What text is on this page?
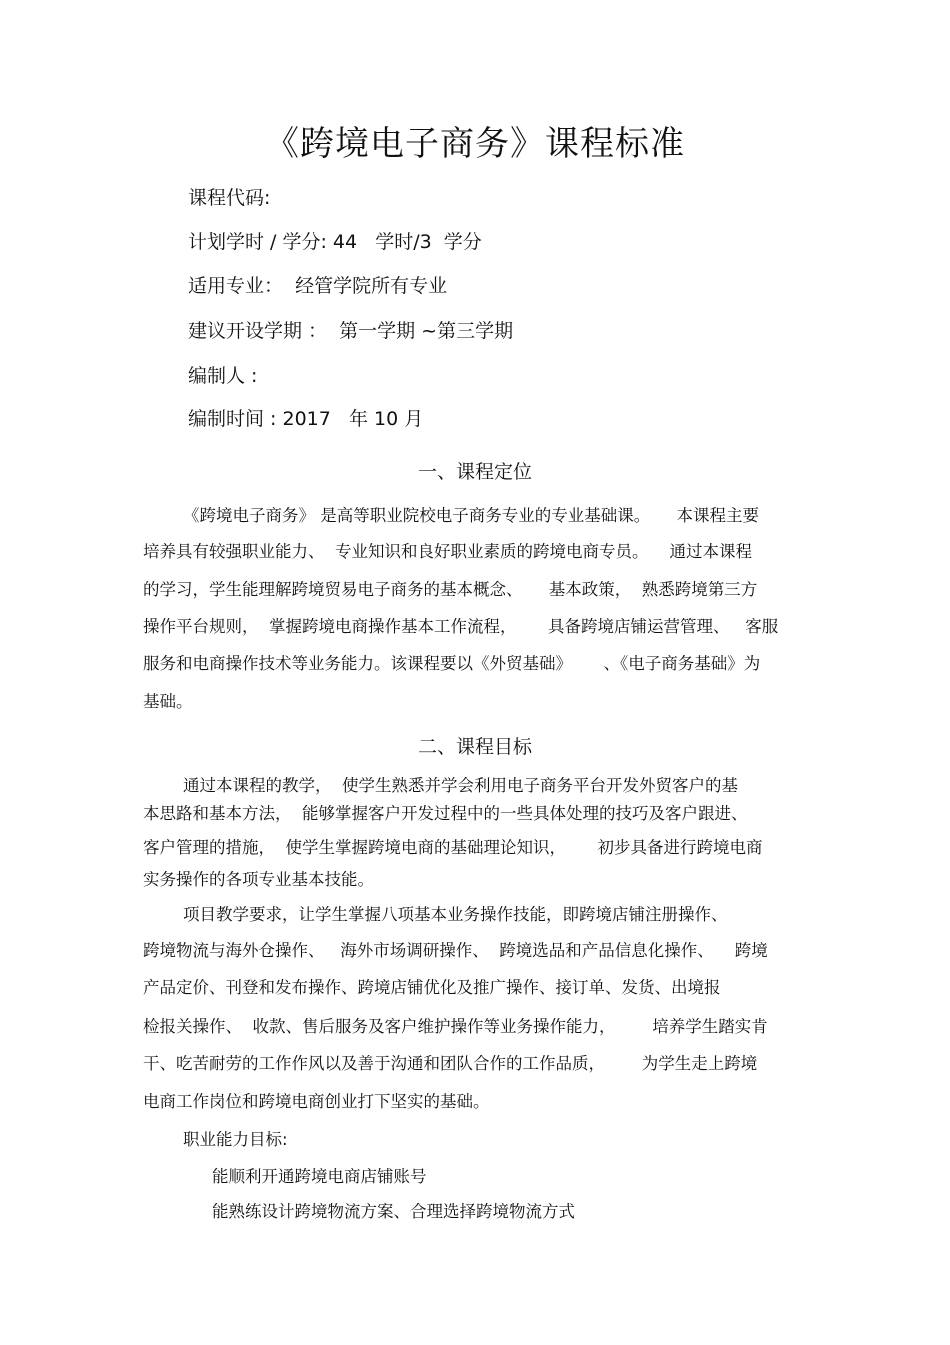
《跨境电子商务》课程标准
课程代码:
计划学时 / 学分: 44   学时/3  学分
适用专业：  经管学院所有专业
建议开设学期 ：  第一学期 ~第三学期
编制人 :
编制时间 : 2017   年 10 月
一、课程定位
《跨境电子商务》 是高等职业院校电子商务专业的专业基础课。     本课程主要
培养具有较强职业能力、  专业知识和良好职业素质的跨境电商专员。    通过本课程
的学习，学生能理解跨境贸易电子商务的基本概念、     基本政策，  熟悉跨境第三方
操作平台规则，  掌握跨境电商操作基本工作流程，      具备跨境店铺运营管理、   客服
服务和电商操作技术等业务能力。该课程要以《外贸基础》      、《电子商务基础》为
基础。
二、课程目标
通过本课程的教学，  使学生熟悉并学会利用电子商务平台开发外贸客户的基
本思路和基本方法，  能够掌握客户开发过程中的一些具体处理的技巧及客户跟进、
客户管理的措施，  使学生掌握跨境电商的基础理论知识，      初步具备进行跨境电商
实务操作的各项专业基本技能。
项目教学要求，让学生掌握八项基本业务操作技能，即跨境店铺注册操作、
跨境物流与海外仓操作、   海外市场调研操作、  跨境选品和产品信息化操作、    跨境
产品定价、刊登和发布操作、跨境店铺优化及推广操作、接订单、发货、出境报
检报关操作、  收款、售后服务及客户维护操作等业务操作能力，       培养学生踏实肯
干、吃苦耐劳的工作作风以及善于沟通和团队合作的工作品质，       为学生走上跨境
电商工作岗位和跨境电商创业打下坚实的基础。
职业能力目标:
能顺利开通跨境电商店铺账号
能熟练设计跨境物流方案、合理选择跨境物流方式
